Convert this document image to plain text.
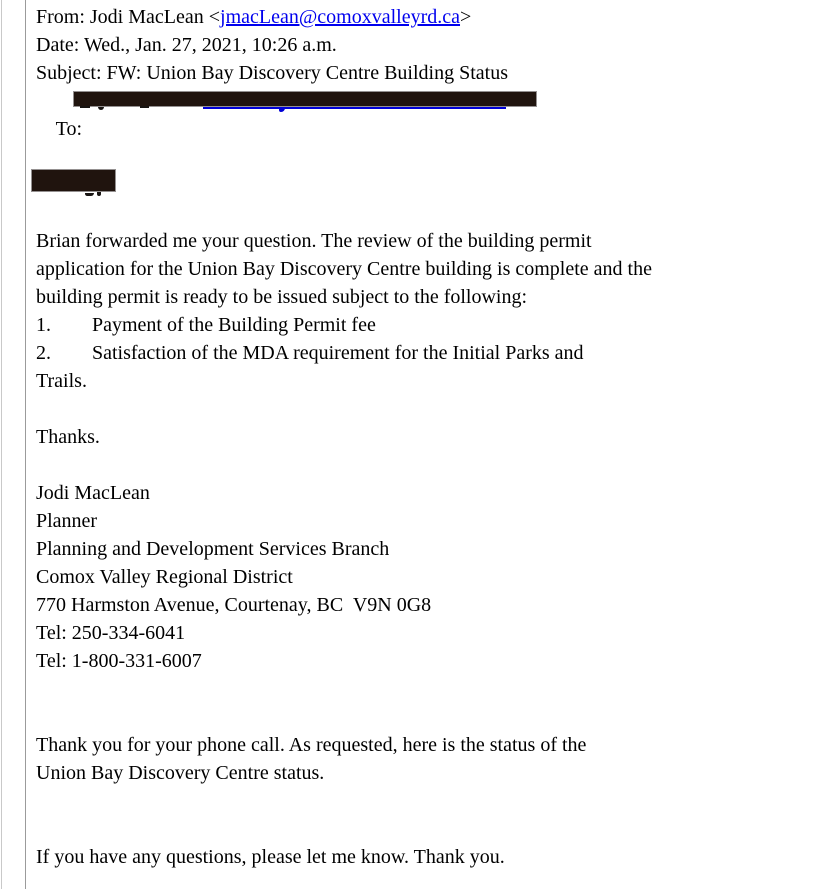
From: Jodi MacLean <jmacLean@comoxvalleyrd.ca>
Date: Wed., Jan. 27, 2021, 10:26 a.m.
Subject: FW: Union Bay Discovery Centre Building Status

To:

Brian forwarded me your question. The review of the building permit
application for the Union Bay Discovery Centre building is complete and the
building permit is ready to be issued subject to the following:
1. Payment of the Building Permit fee
2. Satisfaction of the MDA requirement for the Initial Parks and
Trails.
Thanks.
Jodi MacLean
Planner
Planning and Development Services Branch
Comox Valley Regional District
770 Harmston Avenue, Courtenay, BC  V9N 0G8
Tel: 250-334-6041
Tel: 1-800-331-6007
Thank you for your phone call. As requested, here is the status of the
Union Bay Discovery Centre status.
If you have any questions, please let me know. Thank you.
